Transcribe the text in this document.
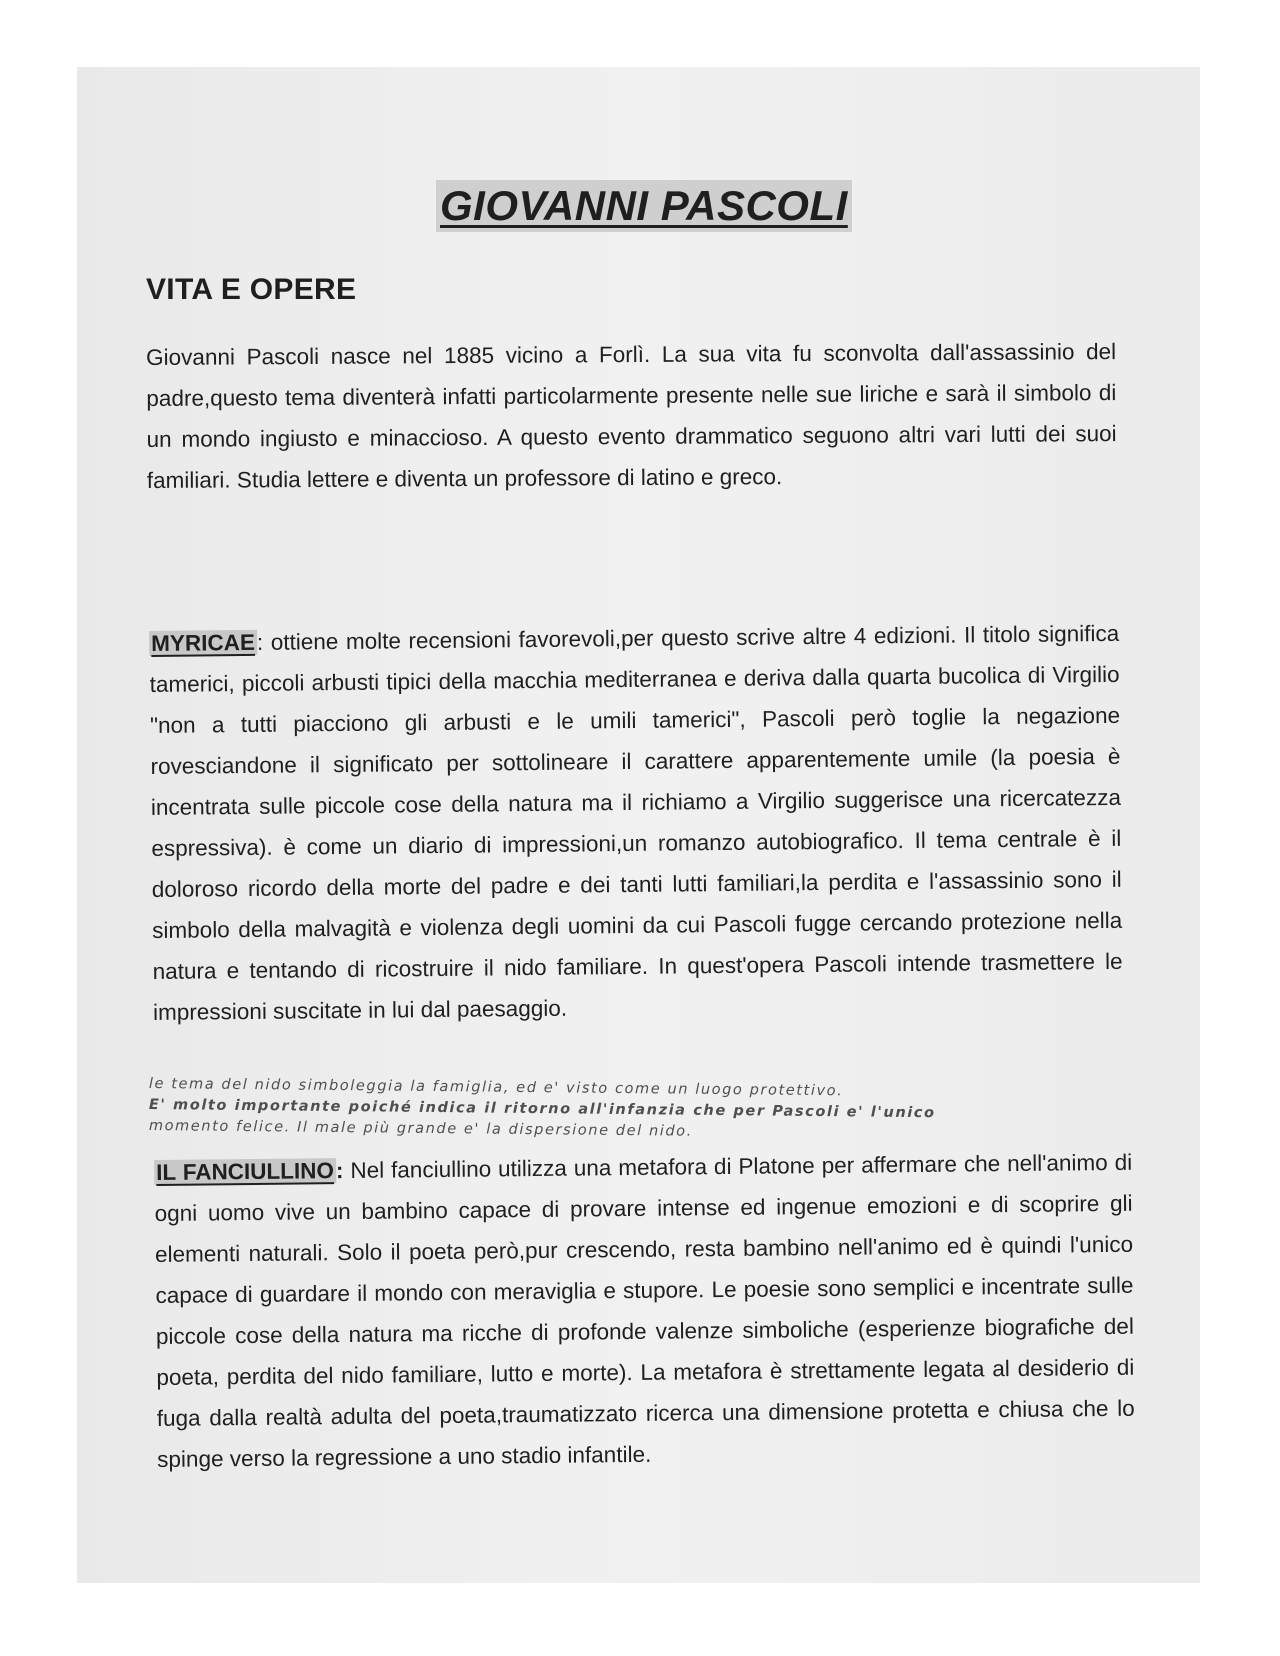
GIOVANNI PASCOLI
VITA E OPERE
Giovanni Pascoli nasce nel 1885 vicino a Forlì. La sua vita fu sconvolta dall'assassinio del padre,questo tema diventerà infatti particolarmente presente nelle sue liriche e sarà il simbolo di un mondo ingiusto e minaccioso. A questo evento drammatico seguono altri vari lutti dei suoi familiari. Studia lettere e diventa un professore di latino e greco.
MYRICAE: ottiene molte recensioni favorevoli,per questo scrive altre 4 edizioni. Il titolo significa tamerici, piccoli arbusti tipici della macchia mediterranea e deriva dalla quarta bucolica di Virgilio "non a tutti piacciono gli arbusti e le umili tamerici", Pascoli però toglie la negazione rovesciandone il significato per sottolineare il carattere apparentemente umile (la poesia è incentrata sulle piccole cose della natura ma il richiamo a Virgilio suggerisce una ricercatezza espressiva). è come un diario di impressioni,un romanzo autobiografico. Il tema centrale è il doloroso ricordo della morte del padre e dei tanti lutti familiari,la perdita e l'assassinio sono il simbolo della malvagità e violenza degli uomini da cui Pascoli fugge cercando protezione nella natura e tentando di ricostruire il nido familiare. In quest'opera Pascoli intende trasmettere le impressioni suscitate in lui dal paesaggio.
le tema del nido simboleggia la famiglia, ed e' visto come un luogo protettivo.
E' molto importante poiché indica il ritorno all'infanzia che per Pascoli e' l'unico
momento felice. Il male più grande e' la dispersione del nido.
IL FANCIULLINO: Nel fanciullino utilizza una metafora di Platone per affermare che nell'animo di ogni uomo vive un bambino capace di provare intense ed ingenue emozioni e di scoprire gli elementi naturali. Solo il poeta però,pur crescendo, resta bambino nell'animo ed è quindi l'unico capace di guardare il mondo con meraviglia e stupore. Le poesie sono semplici e incentrate sulle piccole cose della natura ma ricche di profonde valenze simboliche (esperienze biografiche del poeta, perdita del nido familiare, lutto e morte). La metafora è strettamente legata al desiderio di fuga dalla realtà adulta del poeta,traumatizzato ricerca una dimensione protetta e chiusa che lo spinge verso la regressione a uno stadio infantile.
